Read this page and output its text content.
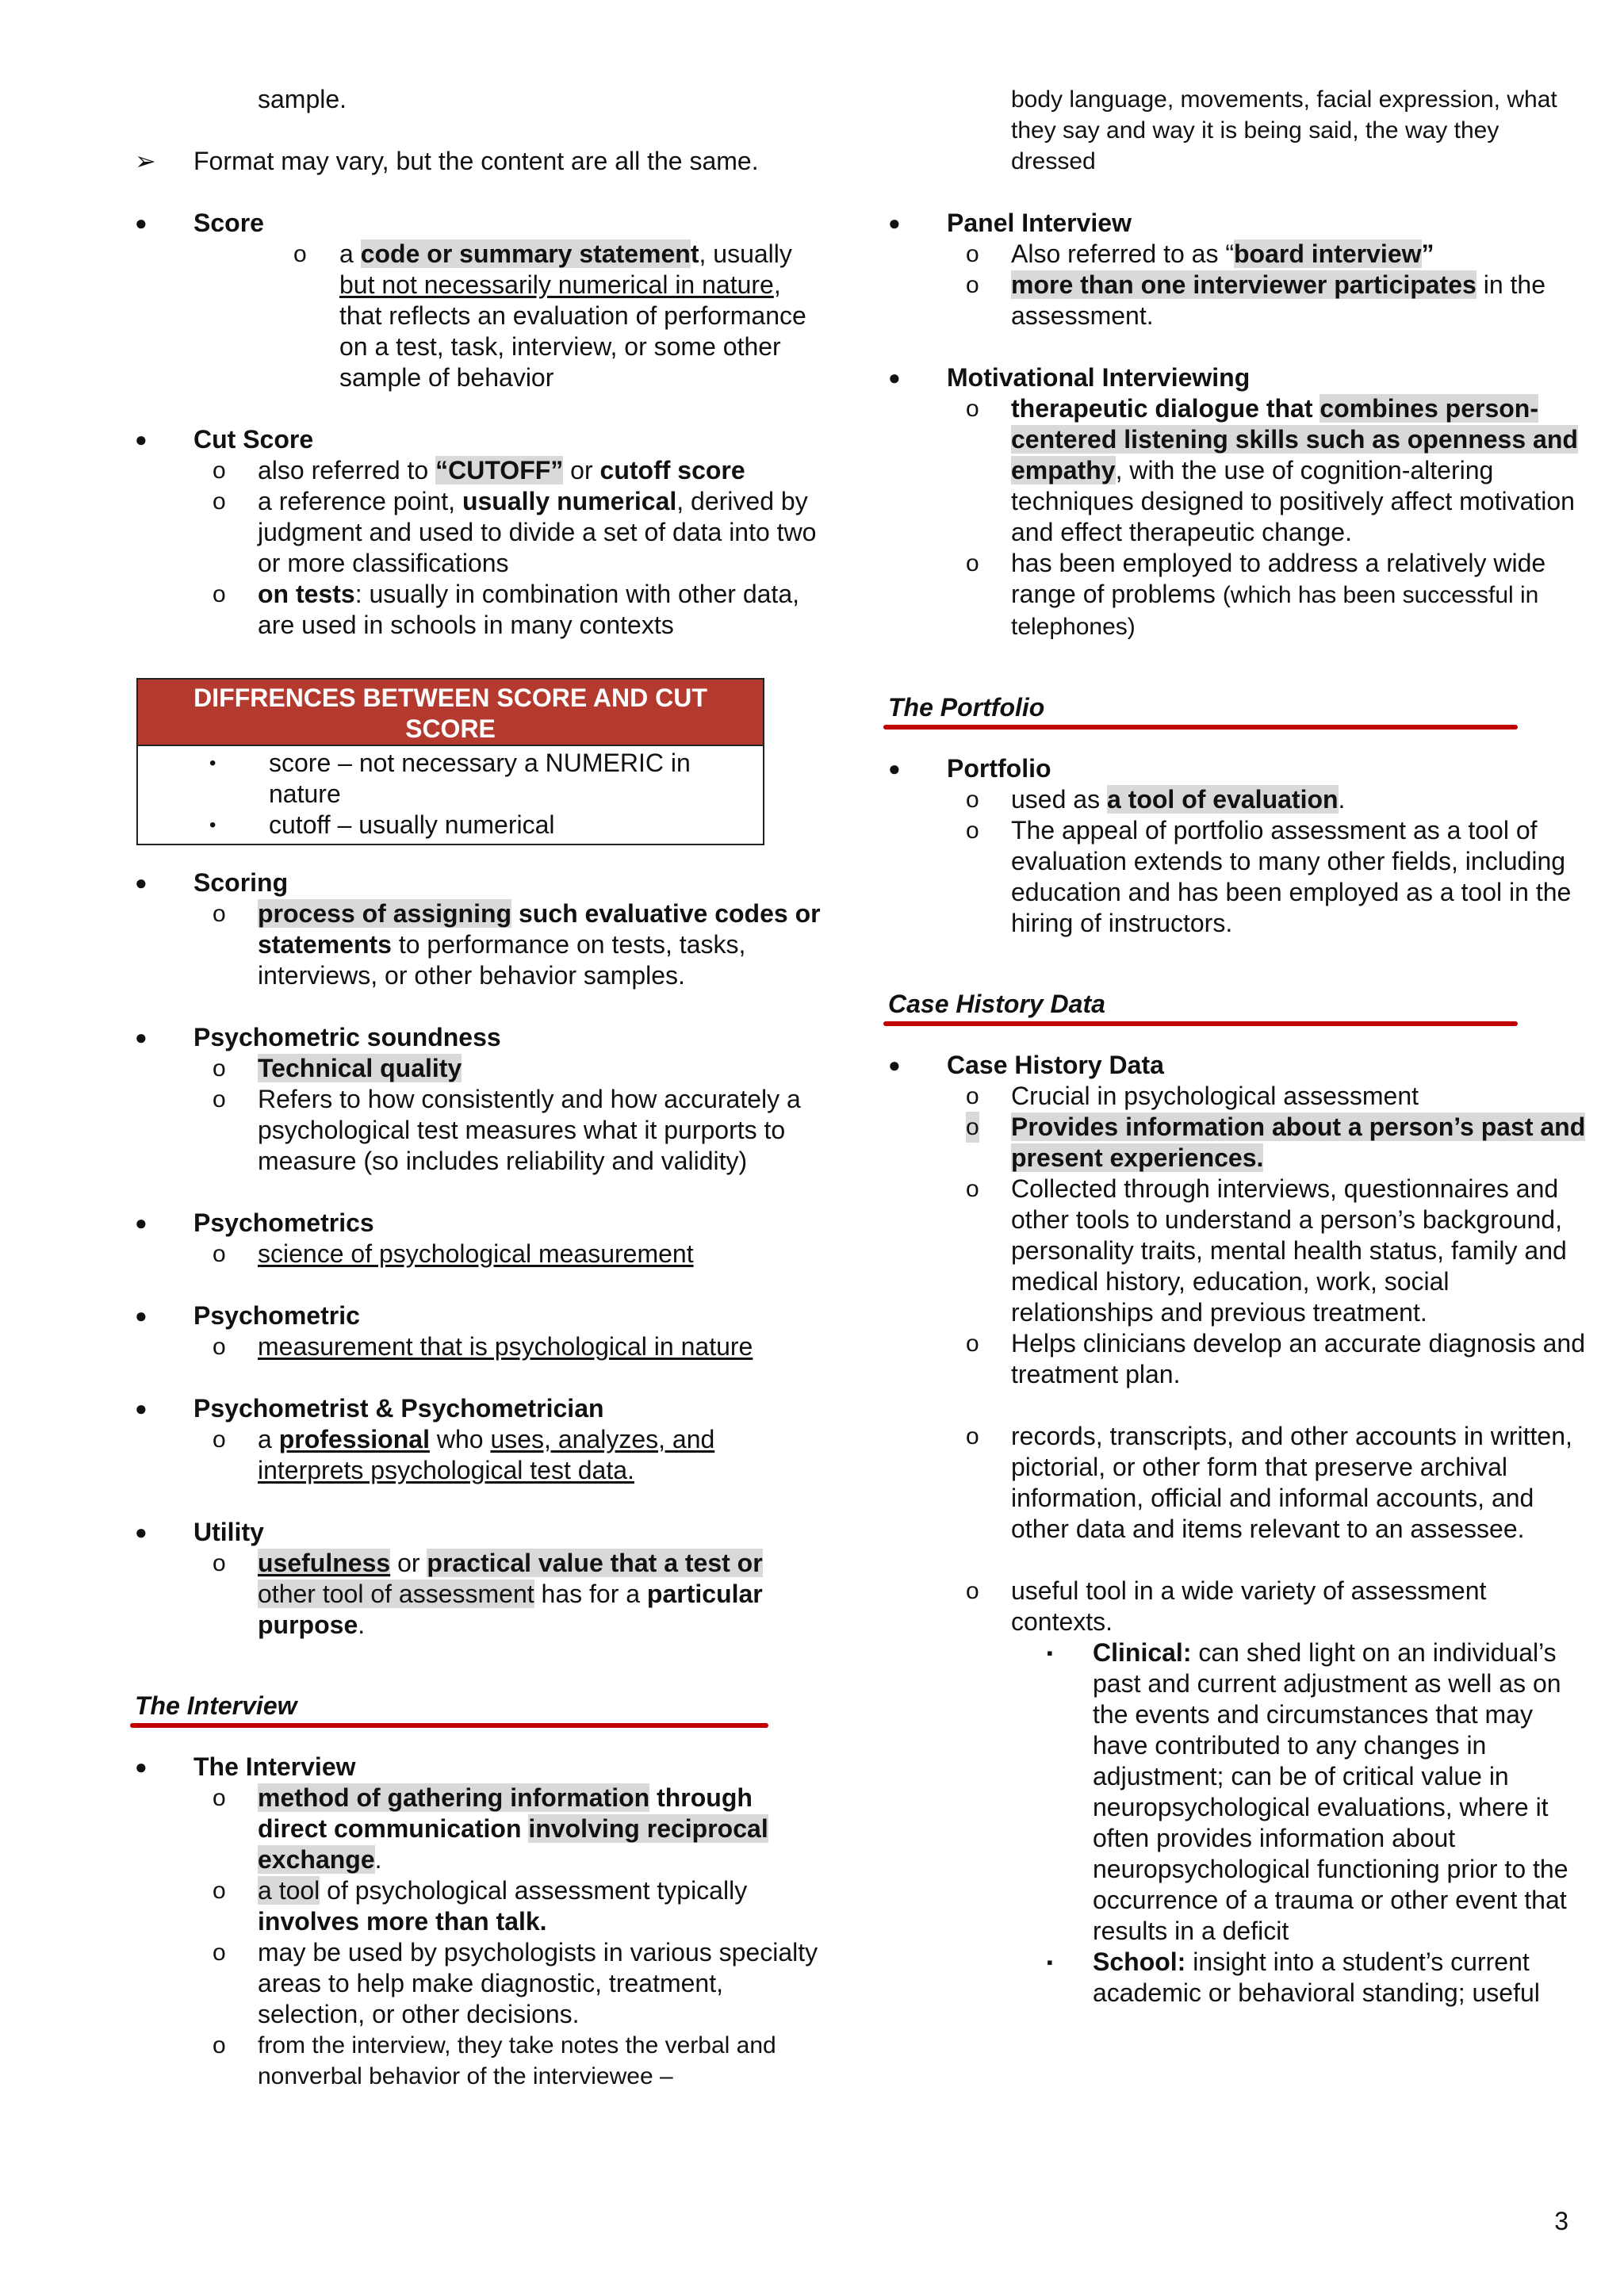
sample.

➢ Format may vary, but the content are all the same.

● Score

o a code or summary statement, usually but not necessarily numerical in nature, that reflects an evaluation of performance on a test, task, interview, or some other sample of behavior

● Cut Score

o also referred to “CUTOFF” or cutoff score

o a reference point, usually numerical, derived by judgment and used to divide a set of data into two or more classifications

o on tests: usually in combination with other data, are used in schools in many contexts

DIFFRENCES BETWEEN SCORE AND CUT SCORE
• score – not necessary a NUMERIC in nature
• cutoff – usually numerical

● Scoring

o process of assigning such evaluative codes or statements to performance on tests, tasks, interviews, or other behavior samples.

● Psychometric soundness

o Technical quality

o Refers to how consistently and how accurately a psychological test measures what it purports to measure (so includes reliability and validity)

● Psychometrics

o science of psychological measurement

● Psychometric

o measurement that is psychological in nature

● Psychometrist & Psychometrician

o a professional who uses, analyzes, and interprets psychological test data.

● Utility

o usefulness or practical value that a test or other tool of assessment has for a particular purpose.

The Interview

● The Interview

o method of gathering information through direct communication involving reciprocal exchange.

o a tool of psychological assessment typically involves more than talk.

o may be used by psychologists in various specialty areas to help make diagnostic, treatment, selection, or other decisions.

o from the interview, they take notes the verbal and nonverbal behavior of the interviewee –

body language, movements, facial expression, what they say and way it is being said, the way they dressed

● Panel Interview

o Also referred to as “board interview”

o more than one interviewer participates in the assessment.

● Motivational Interviewing

o therapeutic dialogue that combines person-centered listening skills such as openness and empathy, with the use of cognition-altering techniques designed to positively affect motivation and effect therapeutic change.

o has been employed to address a relatively wide range of problems (which has been successful in telephones)

The Portfolio

● Portfolio

o used as a tool of evaluation.

o The appeal of portfolio assessment as a tool of evaluation extends to many other fields, including education and has been employed as a tool in the hiring of instructors.

Case History Data

● Case History Data

o Crucial in psychological assessment

o Provides information about a person’s past and present experiences.

o Collected through interviews, questionnaires and other tools to understand a person’s background, personality traits, mental health status, family and medical history, education, work, social relationships and previous treatment.

o Helps clinicians develop an accurate diagnosis and treatment plan.

o records, transcripts, and other accounts in written, pictorial, or other form that preserve archival information, official and informal accounts, and other data and items relevant to an assessee.

o useful tool in a wide variety of assessment contexts.

▪ Clinical: can shed light on an individual’s past and current adjustment as well as on the events and circumstances that may have contributed to any changes in adjustment; can be of critical value in neuropsychological evaluations, where it often provides information about neuropsychological functioning prior to the occurrence of a trauma or other event that results in a deficit

▪ School: insight into a student’s current academic or behavioral standing; useful

3
